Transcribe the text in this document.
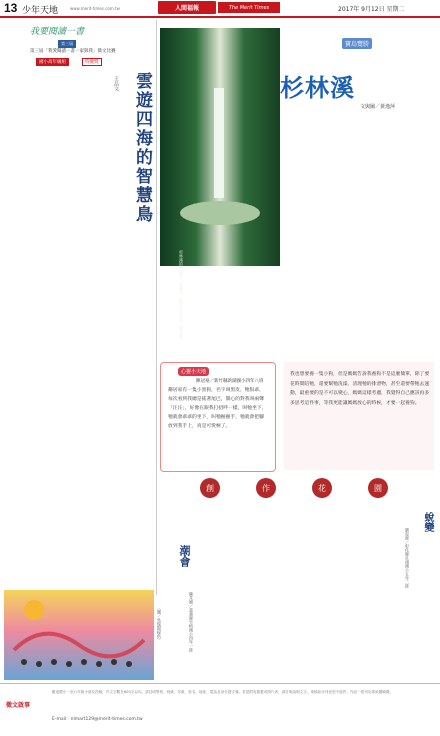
13 少年天地	www.merit-times.com.tw	人間福報	The Merit Times	2017年 9月12日 星期二
我要閱讀一書
第三屆
第三屆「我愛閱讀一書一家與我」徵文比賽
國小高年級組	特優獎
雲遊四海的智慧鳥
王品文
（圖／吳俊賢提供）
杉林溪的西瀑布—松瀧岩，廣受大家喜好—陳芃儀
寶島覽勝
杉林溪
文與圖／黃逸萍
心靈小天地
陳冠豪／新竹縣新湖國小四年八班
鄰居家有一隻小黑狗，名字叫黑皮，牠很乖，每次看到我總是搖著尾巴，開心的對我叫兩聲「汪汪」，好像在跟我打招呼一樣，叫牠坐下，牠就會乖乖的坐下，叫牠握握手，牠就會把腳放到我手上，真是可愛極了。
我也想要養一隻小狗，但是媽媽告訴我養狗不是這麼簡單，除了要花時間陪牠，還要幫牠洗澡、清理牠的排泄物，甚至還要帶牠去運動，最重要的是不可以變心，媽媽這樣考慮，我覺得自己應該再多多思考這件事，等我更能讓媽媽放心的時候，才要一起養狗。
創	作	花	園
蛻變
劉星源／彰化縣社頭國小五年二班
潮會
陳芃穎／嘉義縣竹崎國小四年一班
徵文啟事
歡迎國小一至六年級小朋友投稿，作文字數在600字以內。請註明學校、班級、年級、姓名、地址、電話及身分證字號。若是附有插畫或照片者，請註明說明文字。來稿如未刊登恕不退件。作品一經刊出即致贈稿費。
E-mail：nlmart129@merit-times.com.tw
